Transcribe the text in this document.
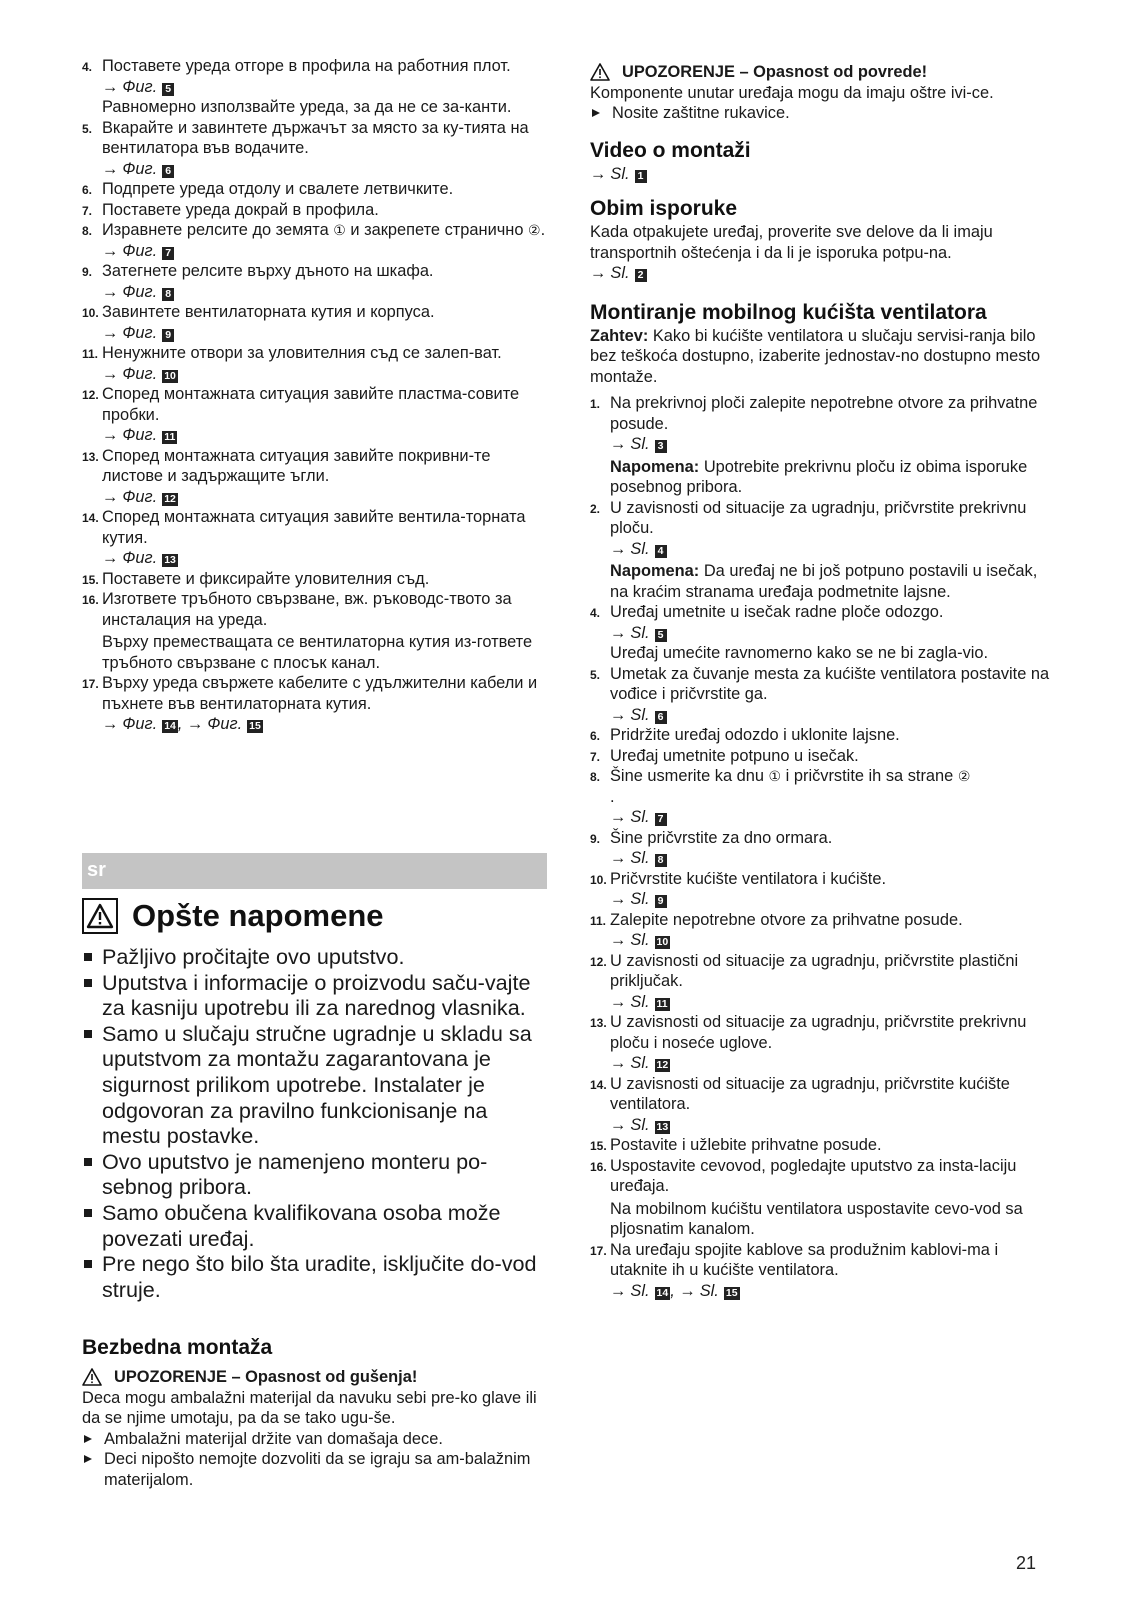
4. Поставете уреда отгоре в профила на работния плот.
→ Фиг. 5
Равномерно използвайте уреда, за да не се за-канти.
5. Вкарайте и завинтете държачът за място за ку-тията на вентилатора във водачите.
→ Фиг. 6
6. Подпрете уреда отдолу и свалете летвичките.
7. Поставете уреда докрай в профила.
8. Изравнете релсите до земята ① и закрепете странично ②.
→ Фиг. 7
9. Затегнете релсите върху дъното на шкафа.
→ Фиг. 8
10. Завинтете вентилаторната кутия и корпуса.
→ Фиг. 9
11. Ненужните отвори за уловителния съд се залеп-ват.
→ Фиг. 10
12. Според монтажната ситуация завийте пластма-совите пробки.
→ Фиг. 11
13. Според монтажната ситуация завийте покривни-те листове и задържащите ъгли.
→ Фиг. 12
14. Според монтажната ситуация завийте вентила-торната кутия.
→ Фиг. 13
15. Поставете и фиксирайте уловителния съд.
16. Изгответе тръбното свързване, вж. ръководс-твото за инсталация на уреда.
Върху преместващата се вентилаторна кутия из-гответе тръбното свързване с плосък канал.
17. Върху уреда свържете кабелите с удължителни кабели и пъхнете във вентилаторната кутия.
→ Фиг. 14 , → Фиг. 15
sr
Opšte napomene
Pažljivo pročitajte ovo uputstvo.
Uputstva i informacije o proizvodu saču-vajte za kasniju upotrebu ili za narednog vlasnika.
Samo u slučaju stručne ugradnje u skladu sa uputstvom za montažu zagarantovana je sigurnost prilikom upotrebe. Instalater je odgovoran za pravilno funkcionisanje na mestu postavke.
Ovo uputstvo je namenjeno monteru po-sebnog pribora.
Samo obučena kvalifikovana osoba može povezati uređaj.
Pre nego što bilo šta uradite, isključite do-vod struje.
Bezbedna montaža
UPOZORENJE – Opasnost od gušenja!
Deca mogu ambalažni materijal da navuku sebi pre-ko glave ili da se njime umotaju, pa da se tako ugu-še.
Ambalažni materijal držite van domašaja dece.
Deci nipošto nemojte dozvoliti da se igraju sa am-balažnim materijalom.
UPOZORENJE – Opasnost od povrede!
Komponente unutar uređaja mogu da imaju oštre ivi-ce.
Nosite zaštitne rukavice.
Video o montaži
→ Sl. 1
Obim isporuke
Kada otpakujete uređaj, proverite sve delove da li imaju transportnih oštećenja i da li je isporuka potpu-na.
→ Sl. 2
Montiranje mobilnog kućišta ventilatora
Zahtev: Kako bi kućište ventilatora u slučaju servisi-ranja bilo bez teškoća dostupno, izaberite jednostav-no dostupno mesto montaže.
1. Na prekrivnoj ploči zalepite nepotrebne otvore za prihvatne posude.
→ Sl. 3
Napomena: Upotrebite prekrivnu ploču iz obima isporuke posebnog pribora.
2. U zavisnosti od situacije za ugradnju, pričvrstite prekrivnu ploču.
→ Sl. 4
Napomena: Da uređaj ne bi još potpuno postavili u isečak, na kraćim stranama uređaja podmetnite lajsne.
4. Uređaj umetnite u isečak radne ploče odozgo.
→ Sl. 5
Uređaj umećite ravnomerno kako se ne bi zagla-vio.
5. Umetak za čuvanje mesta za kućište ventilatora postavite na vođice i pričvrstite ga.
→ Sl. 6
6. Pridržite uređaj odozdo i uklonite lajsne.
7. Uređaj umetnite potpuno u isečak.
8. Šine usmerite ka dnu ① i pričvrstite ih sa strane ②
.
→ Sl. 7
9. Šine pričvrstite za dno ormara.
→ Sl. 8
10. Pričvrstite kućište ventilatora i kućište.
→ Sl. 9
11. Zalepite nepotrebne otvore za prihvatne posude.
→ Sl. 10
12. U zavisnosti od situacije za ugradnju, pričvrstite plastični priključak.
→ Sl. 11
13. U zavisnosti od situacije za ugradnju, pričvrstite prekrivnu ploču i noseće uglove.
→ Sl. 12
14. U zavisnosti od situacije za ugradnju, pričvrstite kućište ventilatora.
→ Sl. 13
15. Postavite i užlebite prihvatne posude.
16. Uspostavite cevovod, pogledajte uputstvo za insta-laciju uređaja.
Na mobilnom kućištu ventilatora uspostavite cevo-vod sa pljosnatim kanalom.
17. Na uređaju spojite kablove sa produžnim kablovi-ma i utaknite ih u kućište ventilatora.
→ Sl. 14 , → Sl. 15
21
